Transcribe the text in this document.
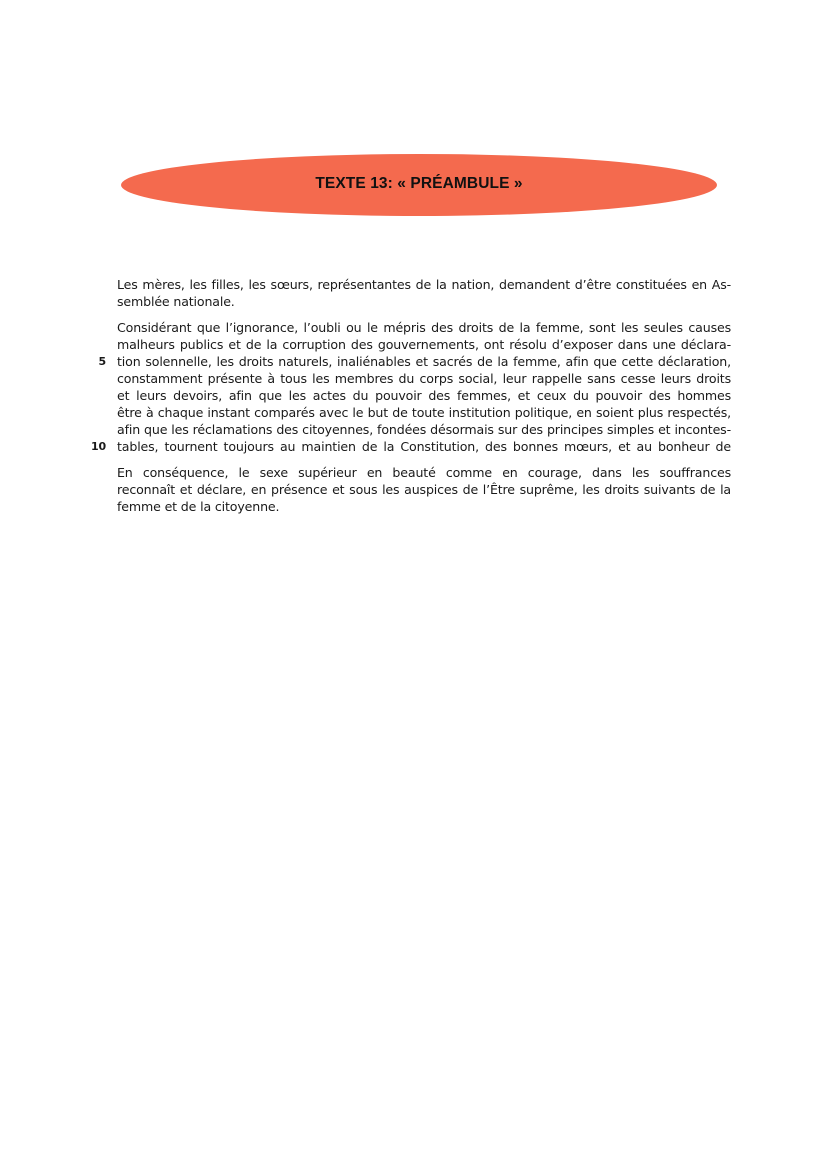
TEXTE 13: « PRÉAMBULE »
Les mères, les filles, les sœurs, représentantes de la nation, demandent d’être constituées en As-
semblée nationale.
Considérant que l’ignorance, l’oubli ou le mépris des droits de la femme, sont les seules causes
malheurs publics et de la corruption des gouvernements, ont résolu d’exposer dans une déclara-
5 tion solennelle, les droits naturels, inaliénables et sacrés de la femme, afin que cette déclaration,
constamment présente à tous les membres du corps social, leur rappelle sans cesse leurs droits
et leurs devoirs, afin que les actes du pouvoir des femmes, et ceux du pouvoir des hommes
être à chaque instant comparés avec le but de toute institution politique, en soient plus respectés,
afin que les réclamations des citoyennes, fondées désormais sur des principes simples et incontes-
10 tables, tournent toujours au maintien de la Constitution, des bonnes mœurs, et au bonheur de
En conséquence, le sexe supérieur en beauté comme en courage, dans les souffrances
reconnaît et déclare, en présence et sous les auspices de l’Être suprême, les droits suivants de la
femme et de la citoyenne.
